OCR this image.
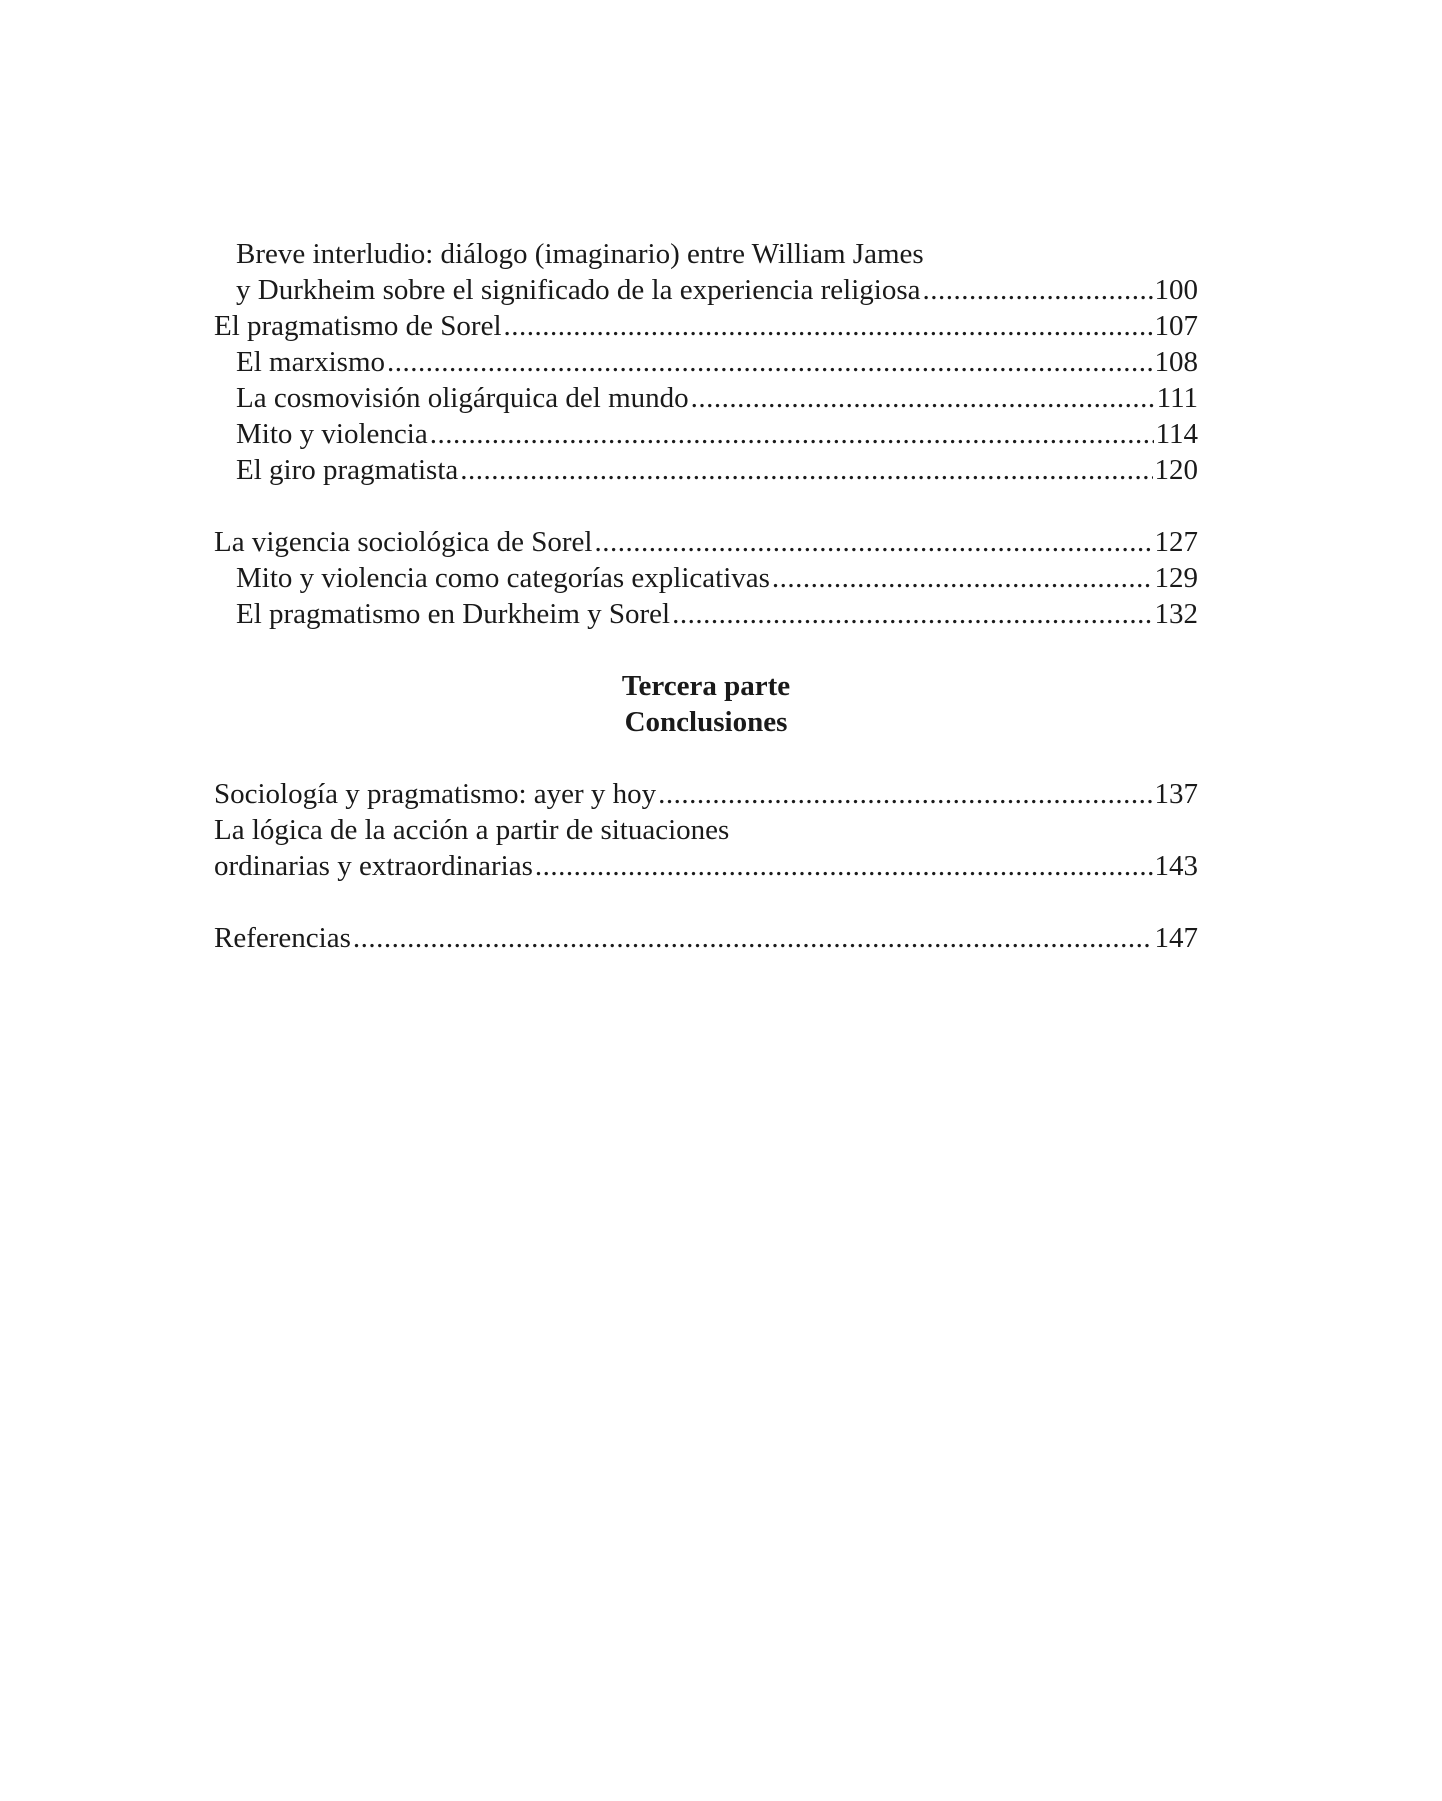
Breve interludio: diálogo (imaginario) entre William James
y Durkheim sobre el significado de la experiencia religiosa .....	100
El pragmatismo de Sorel .....	107
El marxismo .....	108
La cosmovisión oligárquica del mundo .....	111
Mito y violencia .....	114
El giro pragmatista .....	120
La vigencia sociológica de Sorel .....	127
Mito y violencia como categorías explicativas .....	129
El pragmatismo en Durkheim y Sorel .....	132
Tercera parte
Conclusiones
Sociología y pragmatismo: ayer y hoy .....	137
La lógica de la acción a partir de situaciones
ordinarias y extraordinarias .....	143
Referencias .....	147
